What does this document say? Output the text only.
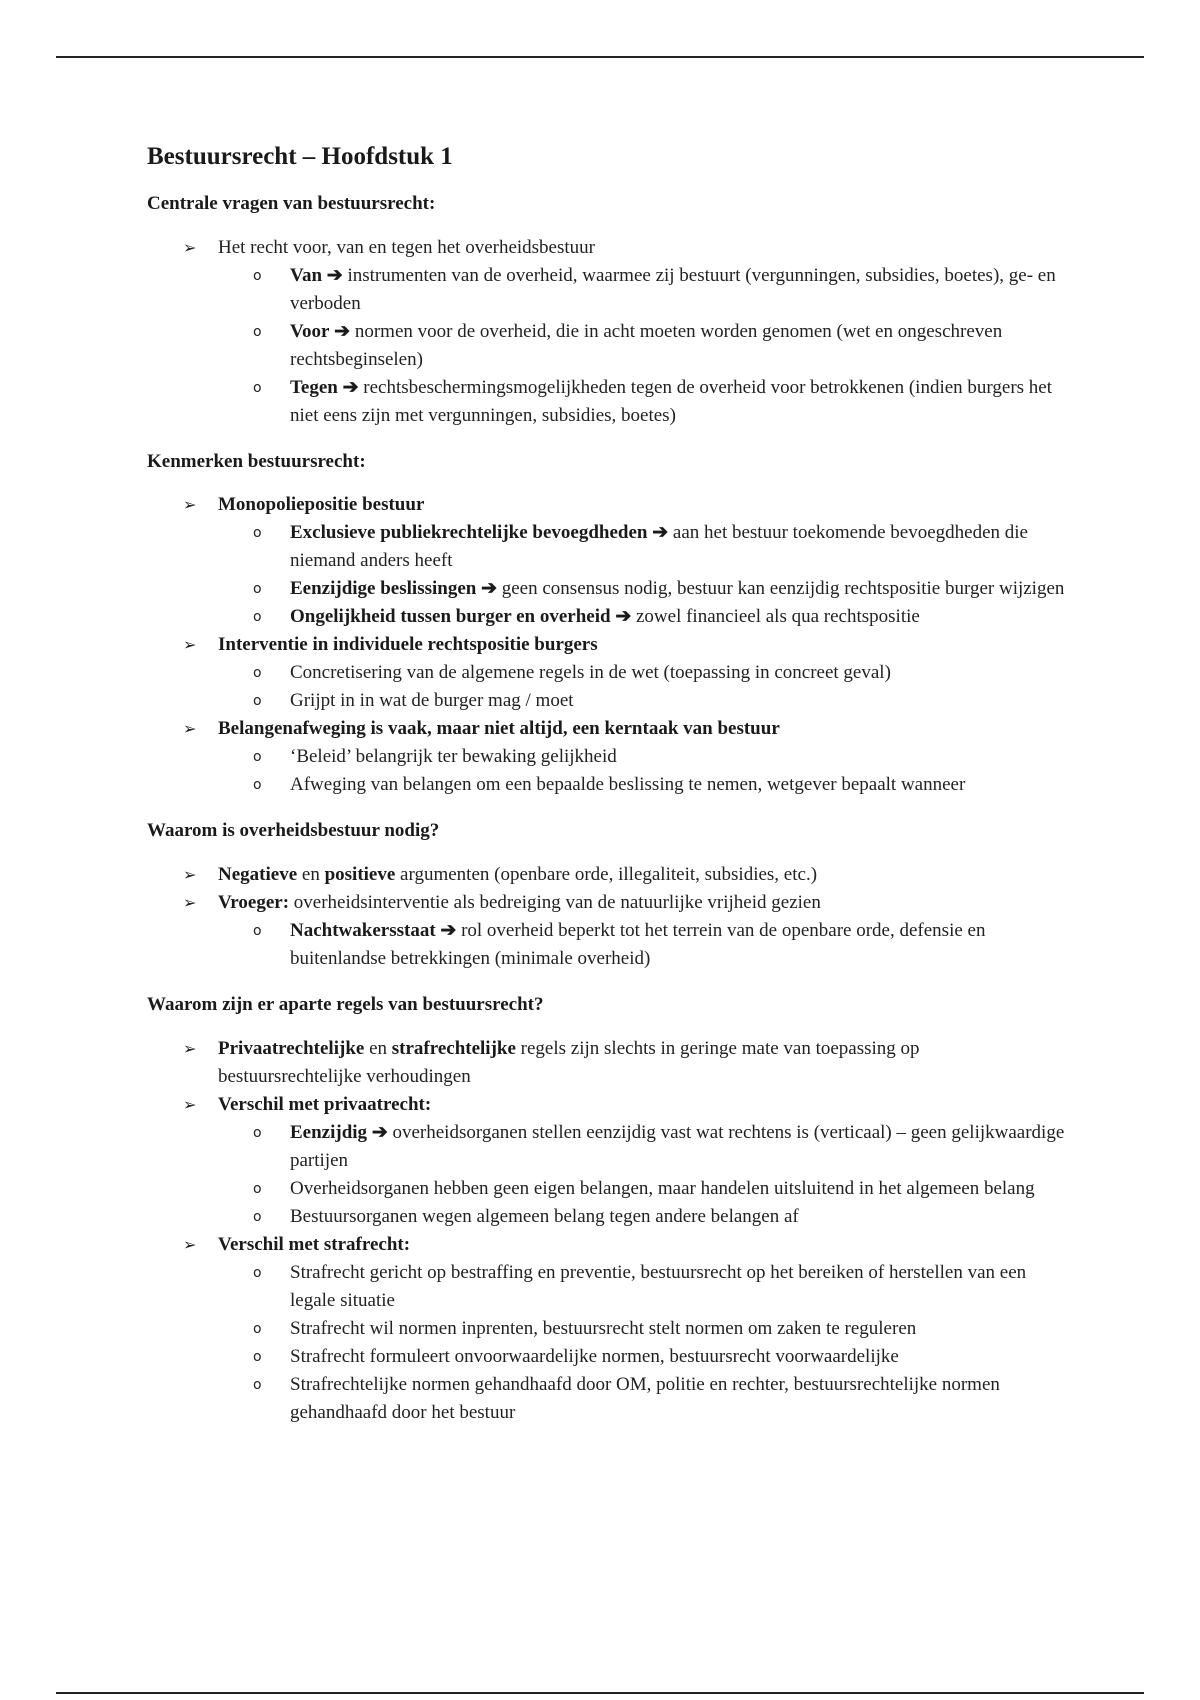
Bestuursrecht – Hoofdstuk 1
Centrale vragen van bestuursrecht:
➢ Het recht voor, van en tegen het overheidsbestuur
o Van ➔ instrumenten van de overheid, waarmee zij bestuurt (vergunningen, subsidies, boetes), ge- en verboden
o Voor ➔ normen voor de overheid, die in acht moeten worden genomen (wet en ongeschreven rechtsbeginselen)
o Tegen ➔ rechtsbeschermingsmogelijkheden tegen de overheid voor betrokkenen (indien burgers het niet eens zijn met vergunningen, subsidies, boetes)
Kenmerken bestuursrecht:
➢ Monopoliepositie bestuur
o Exclusieve publiekrechtelijke bevoegdheden ➔ aan het bestuur toekomende bevoegdheden die niemand anders heeft
o Eenzijdige beslissingen ➔ geen consensus nodig, bestuur kan eenzijdig rechtspositie burger wijzigen
o Ongelijkheid tussen burger en overheid ➔ zowel financieel als qua rechtspositie
➢ Interventie in individuele rechtspositie burgers
o Concretisering van de algemene regels in de wet (toepassing in concreet geval)
o Grijpt in in wat de burger mag / moet
➢ Belangenafweging is vaak, maar niet altijd, een kerntaak van bestuur
o ‘Beleid’ belangrijk ter bewaking gelijkheid
o Afweging van belangen om een bepaalde beslissing te nemen, wetgever bepaalt wanneer
Waarom is overheidsbestuur nodig?
➢ Negatieve en positieve argumenten (openbare orde, illegaliteit, subsidies, etc.)
➢ Vroeger: overheidsinterventie als bedreiging van de natuurlijke vrijheid gezien
o Nachtwakersstaat ➔ rol overheid beperkt tot het terrein van de openbare orde, defensie en buitenlandse betrekkingen (minimale overheid)
Waarom zijn er aparte regels van bestuursrecht?
➢ Privaatrechtelijke en strafrechtelijke regels zijn slechts in geringe mate van toepassing op bestuursrechtelijke verhoudingen
➢ Verschil met privaatrecht:
o Eenzijdig ➔ overheidsorganen stellen eenzijdig vast wat rechtens is (verticaal) – geen gelijkwaardige partijen
o Overheidsorganen hebben geen eigen belangen, maar handelen uitsluitend in het algemeen belang
o Bestuursorganen wegen algemeen belang tegen andere belangen af
➢ Verschil met strafrecht:
o Strafrecht gericht op bestraffing en preventie, bestuursrecht op het bereiken of herstellen van een legale situatie
o Strafrecht wil normen inprenten, bestuursrecht stelt normen om zaken te reguleren
o Strafrecht formuleert onvoorwaardelijke normen, bestuursrecht voorwaardelijke
o Strafrechtelijke normen gehandhaafd door OM, politie en rechter, bestuursrechtelijke normen gehandhaafd door het bestuur
